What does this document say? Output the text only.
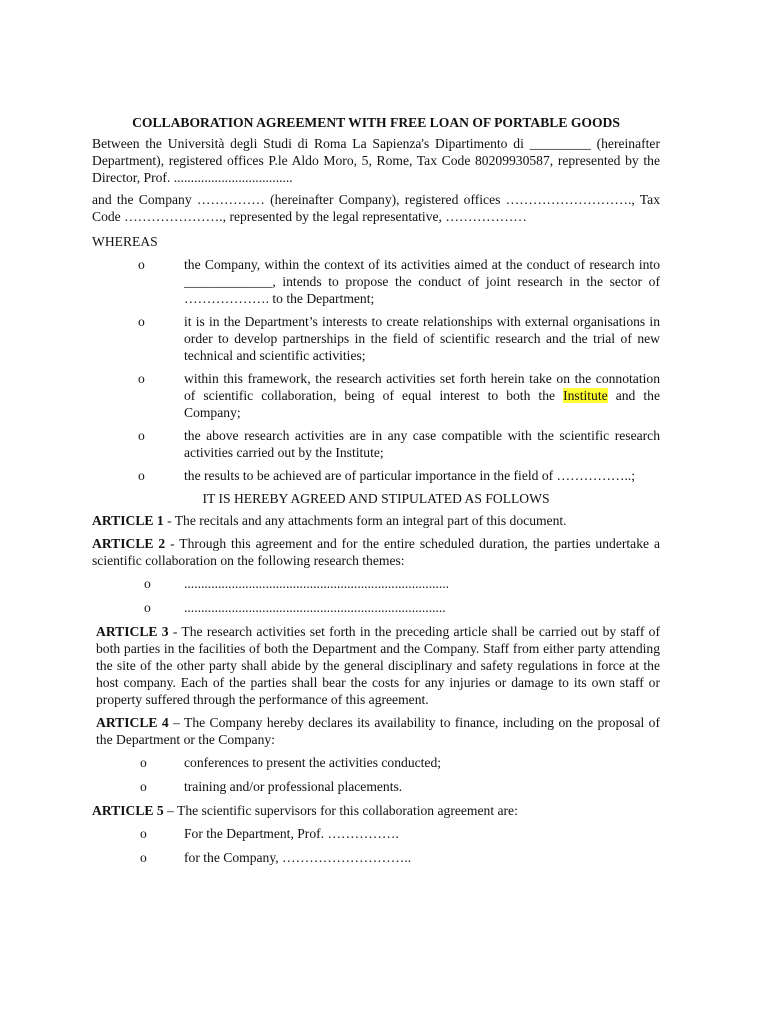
COLLABORATION AGREEMENT WITH FREE LOAN OF PORTABLE GOODS

Between the Università degli Studi di Roma La Sapienza's Dipartimento di _________ (hereinafter Department), registered offices P.le Aldo Moro, 5, Rome, Tax Code 80209930587, represented by the Director, Prof. ...................................

and the Company …………… (hereinafter Company), registered offices ………………………., Tax Code …………………., represented by the legal representative, ………………

WHEREAS

o	the Company, within the context of its activities aimed at the conduct of research into _____________, intends to propose the conduct of joint research in the sector of ………………. to the Department;
o	it is in the Department’s interests to create relationships with external organisations in order to develop partnerships in the field of scientific research and the trial of new technical and scientific activities;
o	within this framework, the research activities set forth herein take on the connotation of scientific collaboration, being of equal interest to both the Institute and the Company;
o	the above research activities are in any case compatible with the scientific research activities carried out by the Institute;
o	the results to be achieved are of particular importance in the field of ……………..;

IT IS HEREBY AGREED AND STIPULATED AS FOLLOWS

ARTICLE 1 - The recitals and any attachments form an integral part of this document.

ARTICLE 2 - Through this agreement and for the entire scheduled duration, the parties undertake a scientific collaboration on the following research themes:

o ..............................................................................
o .............................................................................

ARTICLE 3 - The research activities set forth in the preceding article shall be carried out by staff of both parties in the facilities of both the Department and the Company. Staff from either party attending the site of the other party shall abide by the general disciplinary and safety regulations in force at the host company. Each of the parties shall bear the costs for any injuries or damage to its own staff or property suffered through the performance of this agreement.

ARTICLE 4 – The Company hereby declares its availability to finance, including on the proposal of the Department or the Company:

o	conferences to present the activities conducted;
o	training and/or professional placements.

ARTICLE 5 – The scientific supervisors for this collaboration agreement are:

o	For the Department, Prof. …………….
o	for the Company, ………………………..
